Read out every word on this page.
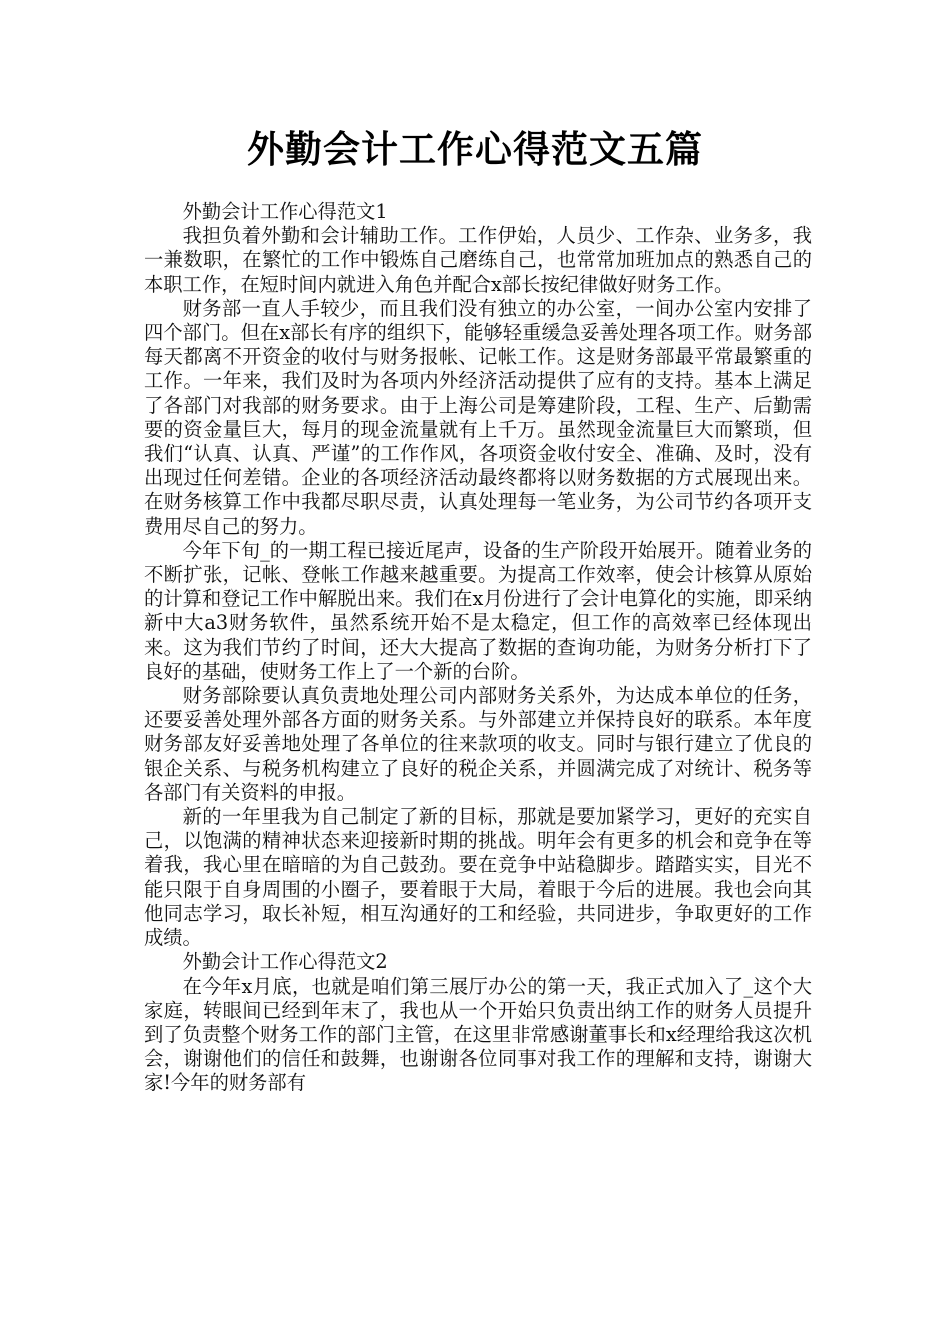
外勤会计工作心得范文五篇

外勤会计工作心得范文1

我担负着外勤和会计辅助工作。工作伊始，人员少、工作杂、业务多，我一兼数职，在繁忙的工作中锻炼自己磨练自己，也常常加班加点的熟悉自己的本职工作，在短时间内就进入角色并配合x部长按纪律做好财务工作。

财务部一直人手较少，而且我们没有独立的办公室，一间办公室内安排了四个部门。但在x部长有序的组织下，能够轻重缓急妥善处理各项工作。财务部每天都离不开资金的收付与财务报帐、记帐工作。这是财务部最平常最繁重的工作。一年来，我们及时为各项内外经济活动提供了应有的支持。基本上满足了各部门对我部的财务要求。由于上海公司是筹建阶段，工程、生产、后勤需要的资金量巨大，每月的现金流量就有上千万。虽然现金流量巨大而繁琐，但我们“认真、认真、严谨”的工作作风，各项资金收付安全、准确、及时，没有出现过任何差错。企业的各项经济活动最终都将以财务数据的方式展现出来。在财务核算工作中我都尽职尽责，认真处理每一笔业务，为公司节约各项开支费用尽自己的努力。

今年下旬_的一期工程已接近尾声，设备的生产阶段开始展开。随着业务的不断扩张，记帐、登帐工作越来越重要。为提高工作效率，使会计核算从原始的计算和登记工作中解脱出来。我们在x月份进行了会计电算化的实施，即采纳新中大a3财务软件，虽然系统开始不是太稳定，但工作的高效率已经体现出来。这为我们节约了时间，还大大提高了数据的查询功能，为财务分析打下了良好的基础，使财务工作上了一个新的台阶。

财务部除要认真负责地处理公司内部财务关系外，为达成本单位的任务，还要妥善处理外部各方面的财务关系。与外部建立并保持良好的联系。本年度财务部友好妥善地处理了各单位的往来款项的收支。同时与银行建立了优良的银企关系、与税务机构建立了良好的税企关系，并圆满完成了对统计、税务等各部门有关资料的申报。

新的一年里我为自己制定了新的目标，那就是要加紧学习，更好的充实自己，以饱满的精神状态来迎接新时期的挑战。明年会有更多的机会和竞争在等着我，我心里在暗暗的为自己鼓劲。要在竞争中站稳脚步。踏踏实实，目光不能只限于自身周围的小圈子，要着眼于大局，着眼于今后的进展。我也会向其他同志学习，取长补短，相互沟通好的工和经验，共同进步，争取更好的工作成绩。

外勤会计工作心得范文2

在今年x月底，也就是咱们第三展厅办公的第一天，我正式加入了_这个大家庭，转眼间已经到年末了，我也从一个开始只负责出纳工作的财务人员提升到了负责整个财务工作的部门主管，在这里非常感谢董事长和x经理给我这次机会，谢谢他们的信任和鼓舞，也谢谢各位同事对我工作的理解和支持，谢谢大家!今年的财务部有
